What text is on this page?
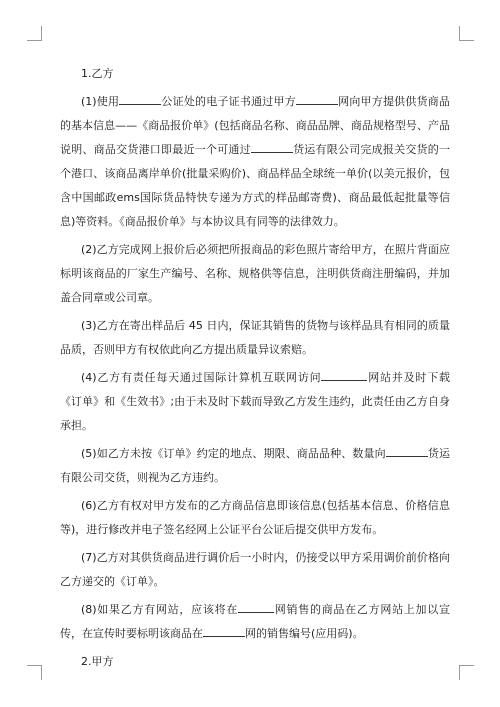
1.乙方

(1)使用	公证处的电子证书通过甲方	网向甲方提供供货商品的基本信息——《商品报价单》(包括商品名称、商品品牌、商品规格型号、产品说明、商品交货港口即最近一个可通过	货运有限公司完成报关交货的一个港口、该商品离岸单价(批量采购价)、商品样品全球统一单价(以美元报价，包含中国邮政ems国际货品特快专递为方式的样品邮寄费)、商品最低起批量等信息)等资料。《商品报价单》与本协议具有同等的法律效力。

(2)乙方完成网上报价后必须把所报商品的彩色照片寄给甲方，在照片背面应标明该商品的厂家生产编号、名称、规格供等信息，注明供货商注册编码，并加盖合同章或公司章。

(3)乙方在寄出样品后 45 日内，保证其销售的货物与该样品具有相同的质量品质，否则甲方有权依此向乙方提出质量异议索赔。

(4)乙方有责任每天通过国际计算机互联网访问	网站并及时下载《订单》和《生效书》;由于未及时下载而导致乙方发生违约，此责任由乙方自身承担。

(5)如乙方未按《订单》约定的地点、期限、商品品种、数量向	货运有限公司交货，则视为乙方违约。

(6)乙方有权对甲方发布的乙方商品信息即该信息(包括基本信息、价格信息等)，进行修改并电子签名经网上公证平台公证后提交供甲方发布。

(7)乙方对其供货商品进行调价后一小时内，仍接受以甲方采用调价前价格向乙方递交的《订单》。

(8)如果乙方有网站，应该将在	网销售的商品在乙方网站上加以宣传，在宣传时要标明该商品在	网的销售编号(应用码)。

2.甲方
